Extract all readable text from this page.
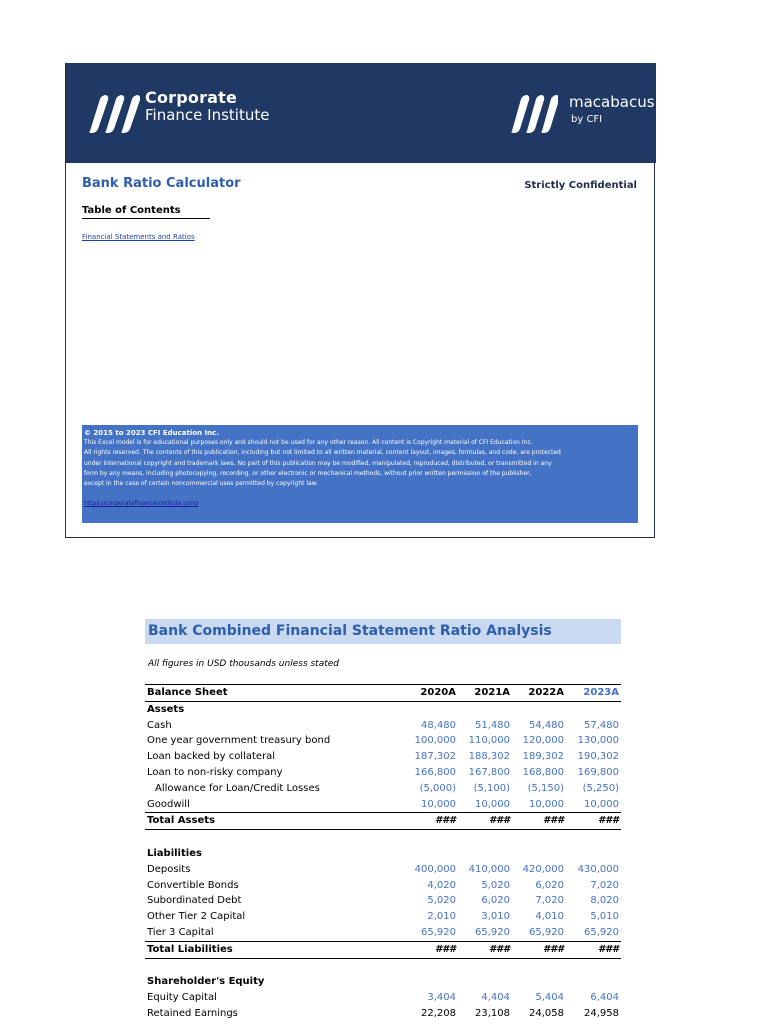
Corporate
Finance Institute
macabacus
by CFI
Bank Ratio Calculator	Strictly Confidential
Table of Contents
Financial Statements and Ratios
© 2015 to 2023 CFI Education Inc.
This Excel model is for educational purposes only and should not be used for any other reason. All content is Copyright material of CFI Education Inc.
All rights reserved. The contents of this publication, including but not limited to all written material, content layout, images, formulas, and code, are protected
under international copyright and trademark laws. No part of this publication may be modified, manipulated, reproduced, distributed, or transmitted in any
form by any means, including photocopying, recording, or other electronic or mechanical methods, without prior written permission of the publisher,
except in the case of certain noncommercial uses permitted by copyright law.
https://corporatefinanceinstitute.com/
Bank Combined Financial Statement Ratio Analysis
All figures in USD thousands unless stated
Balance Sheet	2020A	2021A	2022A	2023A
Assets				
Cash	48,480	51,480	54,480	57,480
One year government treasury bond	100,000	110,000	120,000	130,000
Loan backed by collateral	187,302	188,302	189,302	190,302
Loan to non-risky company	166,800	167,800	168,800	169,800
Allowance for Loan/Credit Losses	(5,000)	(5,100)	(5,150)	(5,250)
Goodwill	10,000	10,000	10,000	10,000
Total Assets	###	###	###	###

Liabilities				
Deposits	400,000	410,000	420,000	430,000
Convertible Bonds	4,020	5,020	6,020	7,020
Subordinated Debt	5,020	6,020	7,020	8,020
Other Tier 2 Capital	2,010	3,010	4,010	5,010
Tier 3 Capital	65,920	65,920	65,920	65,920
Total Liabilities	###	###	###	###

Shareholder's Equity				
Equity Capital	3,404	4,404	5,404	6,404
Retained Earnings	22,208	23,108	24,058	24,958
